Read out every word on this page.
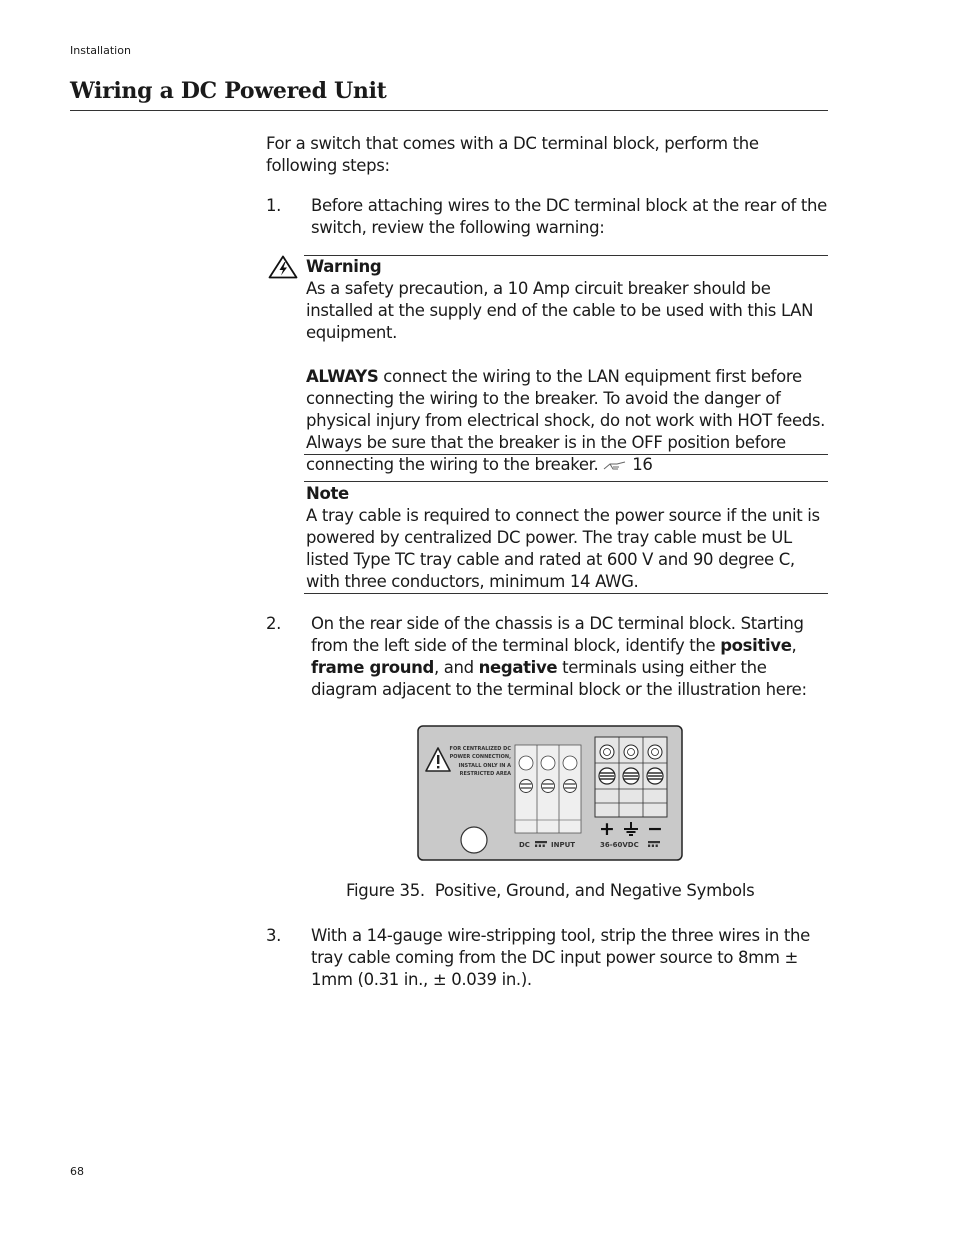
Installation
Wiring a DC Powered Unit
For a switch that comes with a DC terminal block, perform the following steps:
1. Before attaching wires to the DC terminal block at the rear of the switch, review the following warning:
Warning
As a safety precaution, a 10 Amp circuit breaker should be installed at the supply end of the cable to be used with this LAN equipment.
ALWAYS connect the wiring to the LAN equipment first before connecting the wiring to the breaker. To avoid the danger of physical injury from electrical shock, do not work with HOT feeds. Always be sure that the breaker is in the OFF position before connecting the wiring to the breaker. 16
Note
A tray cable is required to connect the power source if the unit is powered by centralized DC power. The tray cable must be UL listed Type TC tray cable and rated at 600 V and 90 degree C, with three conductors, minimum 14 AWG.
2. On the rear side of the chassis is a DC terminal block. Starting from the left side of the terminal block, identify the positive, frame ground, and negative terminals using either the diagram adjacent to the terminal block or the illustration here:
FOR CENTRALIZED DC
POWER CONNECTION,
INSTALL ONLY IN A
RESTRICTED AREA
+ −
DC	INPUT	36-60VDC
Figure 35. Positive, Ground, and Negative Symbols
3. With a 14-gauge wire-stripping tool, strip the three wires in the tray cable coming from the DC input power source to 8mm ± 1mm (0.31 in., ± 0.039 in.).
68
